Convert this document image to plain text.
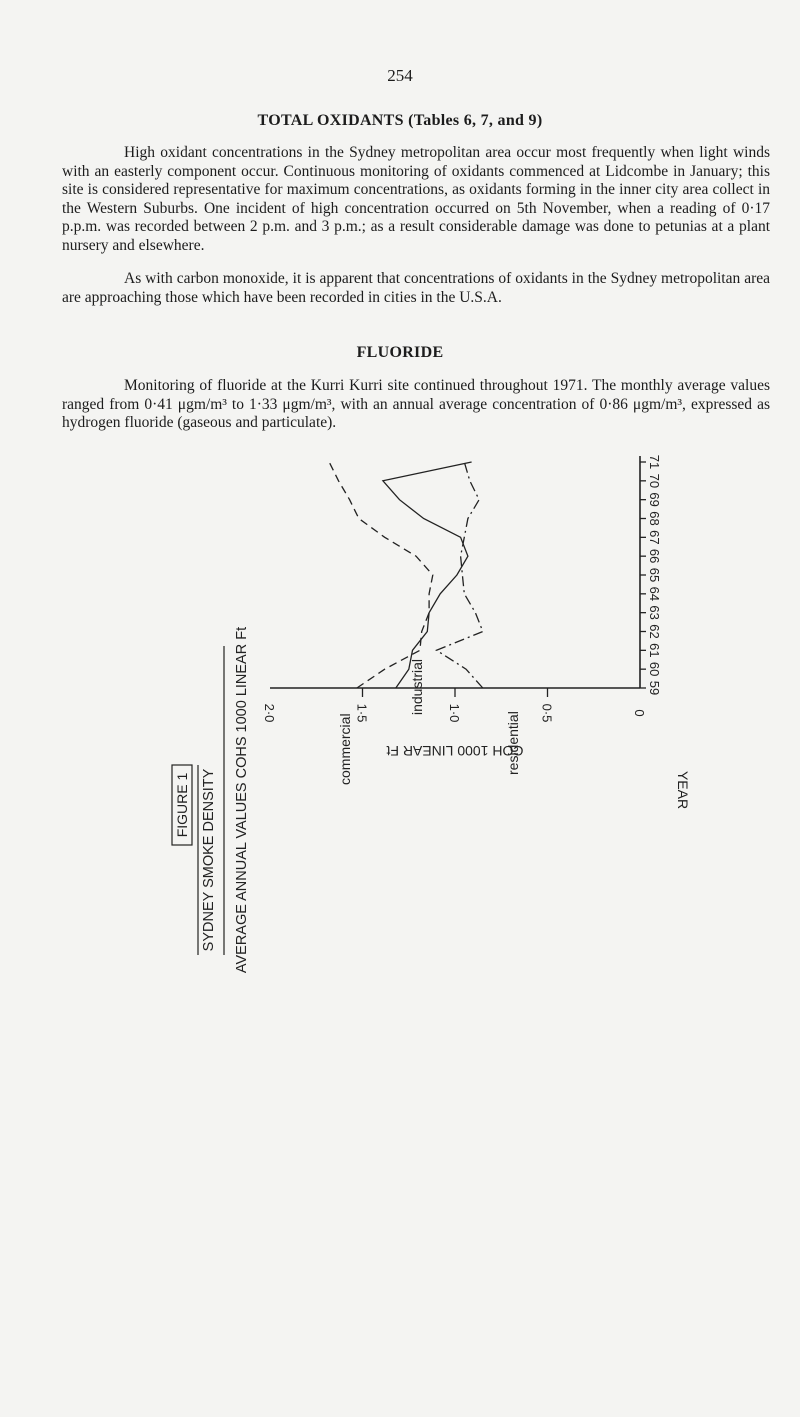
254
TOTAL OXIDANTS (Tables 6, 7, and 9)

High oxidant concentrations in the Sydney metropolitan area occur most frequently when light winds with an easterly component occur. Continuous monitoring of oxidants commenced at Lidcombe in January; this site is considered representative for maximum concentrations, as oxidants forming in the inner city area collect in the Western Suburbs. One incident of high concentration occurred on 5th November, when a reading of 0·17 p.p.m. was recorded between 2 p.m. and 3 p.m.; as a result considerable damage was done to petunias at a plant nursery and elsewhere.

As with carbon monoxide, it is apparent that concentrations of oxidants in the Sydney metropolitan area are approaching those which have been recorded in cities in the U.S.A.

FLUORIDE

Monitoring of fluoride at the Kurri Kurri site continued throughout 1971. The monthly average values ranged from 0·41 μgm/m³ to 1·33 μgm/m³, with an annual average concentration of 0·86 μgm/m³, expressed as hydrogen fluoride (gaseous and particulate).

FIGURE 1 SYDNEY SMOKE DENSITY AVERAGE ANNUAL VALUES COHS 1000 LINEAR Ft	59
60
61
62
63
64
65
66
67
68
69
70
71
0
0·5
1·0
1·5
2·0
YEAR
COH 1000 LINEAR Ft
commercial
industrial
residential
